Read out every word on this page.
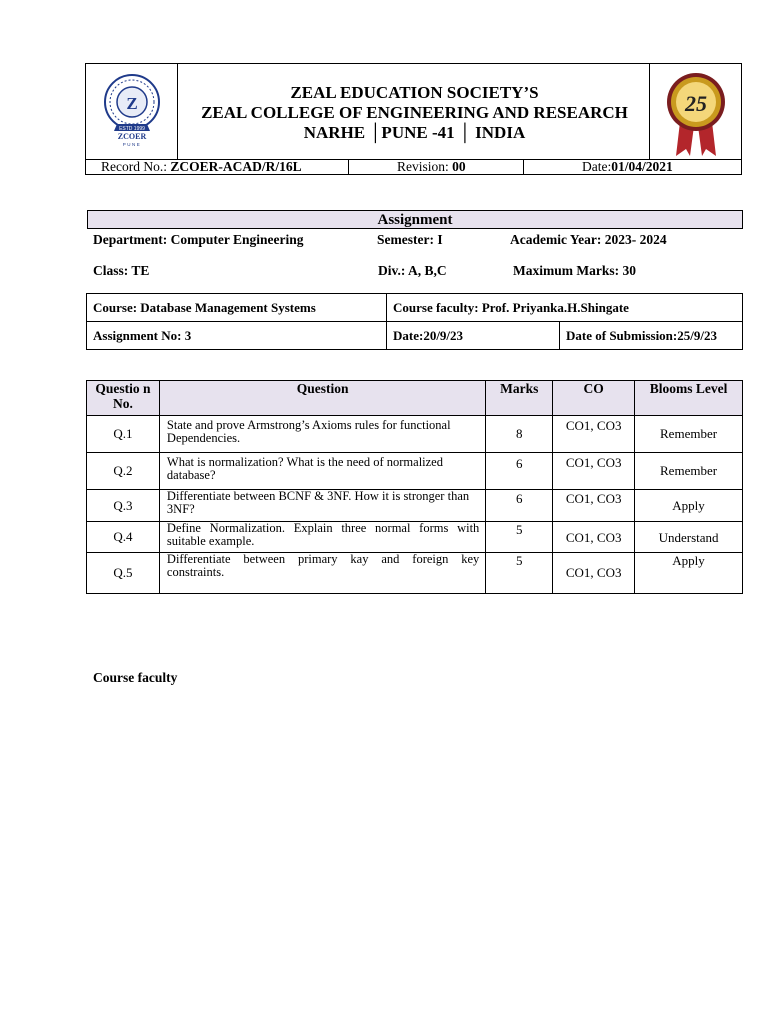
Z
ESTD 1999
ZCOER
PUNE
ZEAL EDUCATION SOCIETY’S
ZEAL COLLEGE OF ENGINEERING AND RESEARCH
NARHE │PUNE -41 │ INDIA
25
Record No.: ZCOER-ACAD/R/16L	Revision: 00	Date:01/04/2021
Assignment
Department: Computer Engineering	Semester: I	Academic Year: 2023- 2024
Class: TE	Div.: A, B,C	Maximum Marks: 30
Course: Database Management Systems	Course faculty: Prof. Priyanka.H.Shingate	
Assignment No: 3	Date:20/9/23	Date of Submission:25/9/23
Questio n No.	Question	Marks	CO	Blooms Level
Q.1	State and prove Armstrong’s Axioms rules for functional Dependencies.	8	CO1, CO3	Remember
Q.2	What is normalization? What is the need of normalized database?	6	CO1, CO3	Remember
Q.3	Differentiate between BCNF & 3NF. How it is stronger than 3NF?	6	CO1, CO3	Apply
Q.4	Define Normalization. Explain three normal forms with suitable example.	5	CO1, CO3	Understand
Q.5	Differentiate between primary kay and foreign key constraints.	5	CO1, CO3	Apply
Course faculty
